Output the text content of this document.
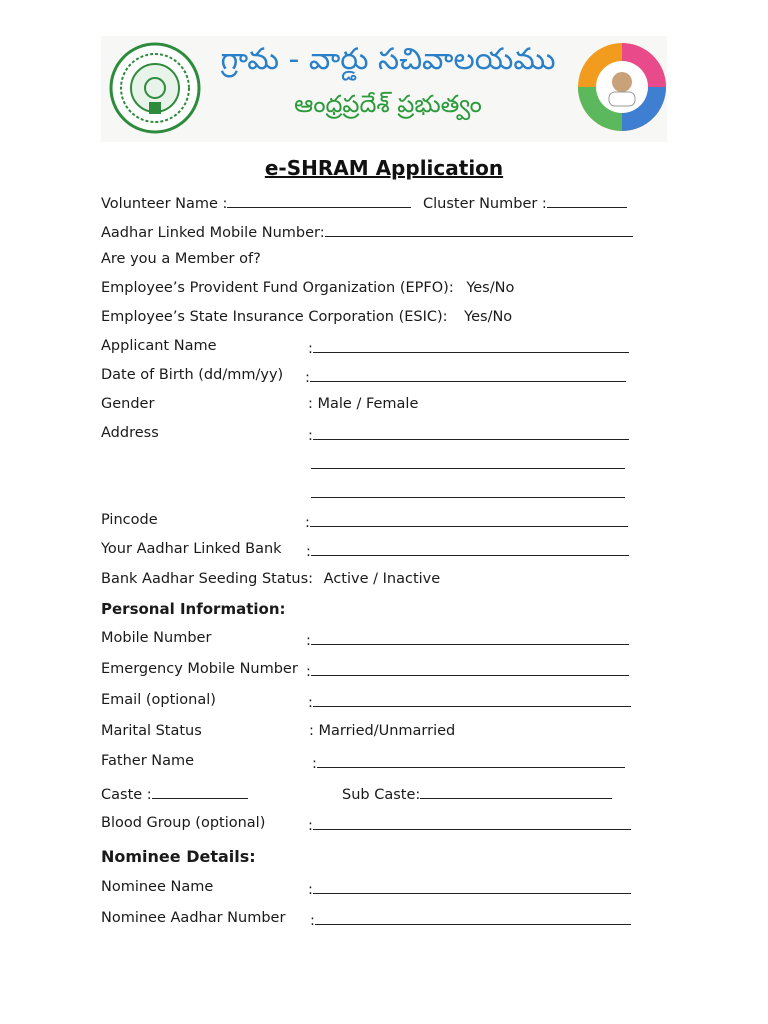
గ్రామ - వార్డు సచివాలయము
ఆంధ్రప్రదేశ్ ప్రభుత్వం
e-SHRAM Application
Volunteer Name :	Cluster Number :
Aadhar Linked Mobile Number:
Are you a Member of?
Employee’s Provident Fund Organization (EPFO): Yes/No
Employee’s State Insurance Corporation (ESIC): Yes/No
Applicant Name	:
Date of Birth (dd/mm/yy) :
Gender	: Male / Female
Address	:
Pincode	:
Your Aadhar Linked Bank :
Bank Aadhar Seeding Status: Active / Inactive
Personal Information:
Mobile Number	:
Emergency Mobile Number :
Email (optional)	:
Marital Status	: Married/Unmarried
Father Name	:
Caste :	Sub Caste:
Blood Group (optional)	:
Nominee Details:
Nominee Name	:
Nominee Aadhar Number :
